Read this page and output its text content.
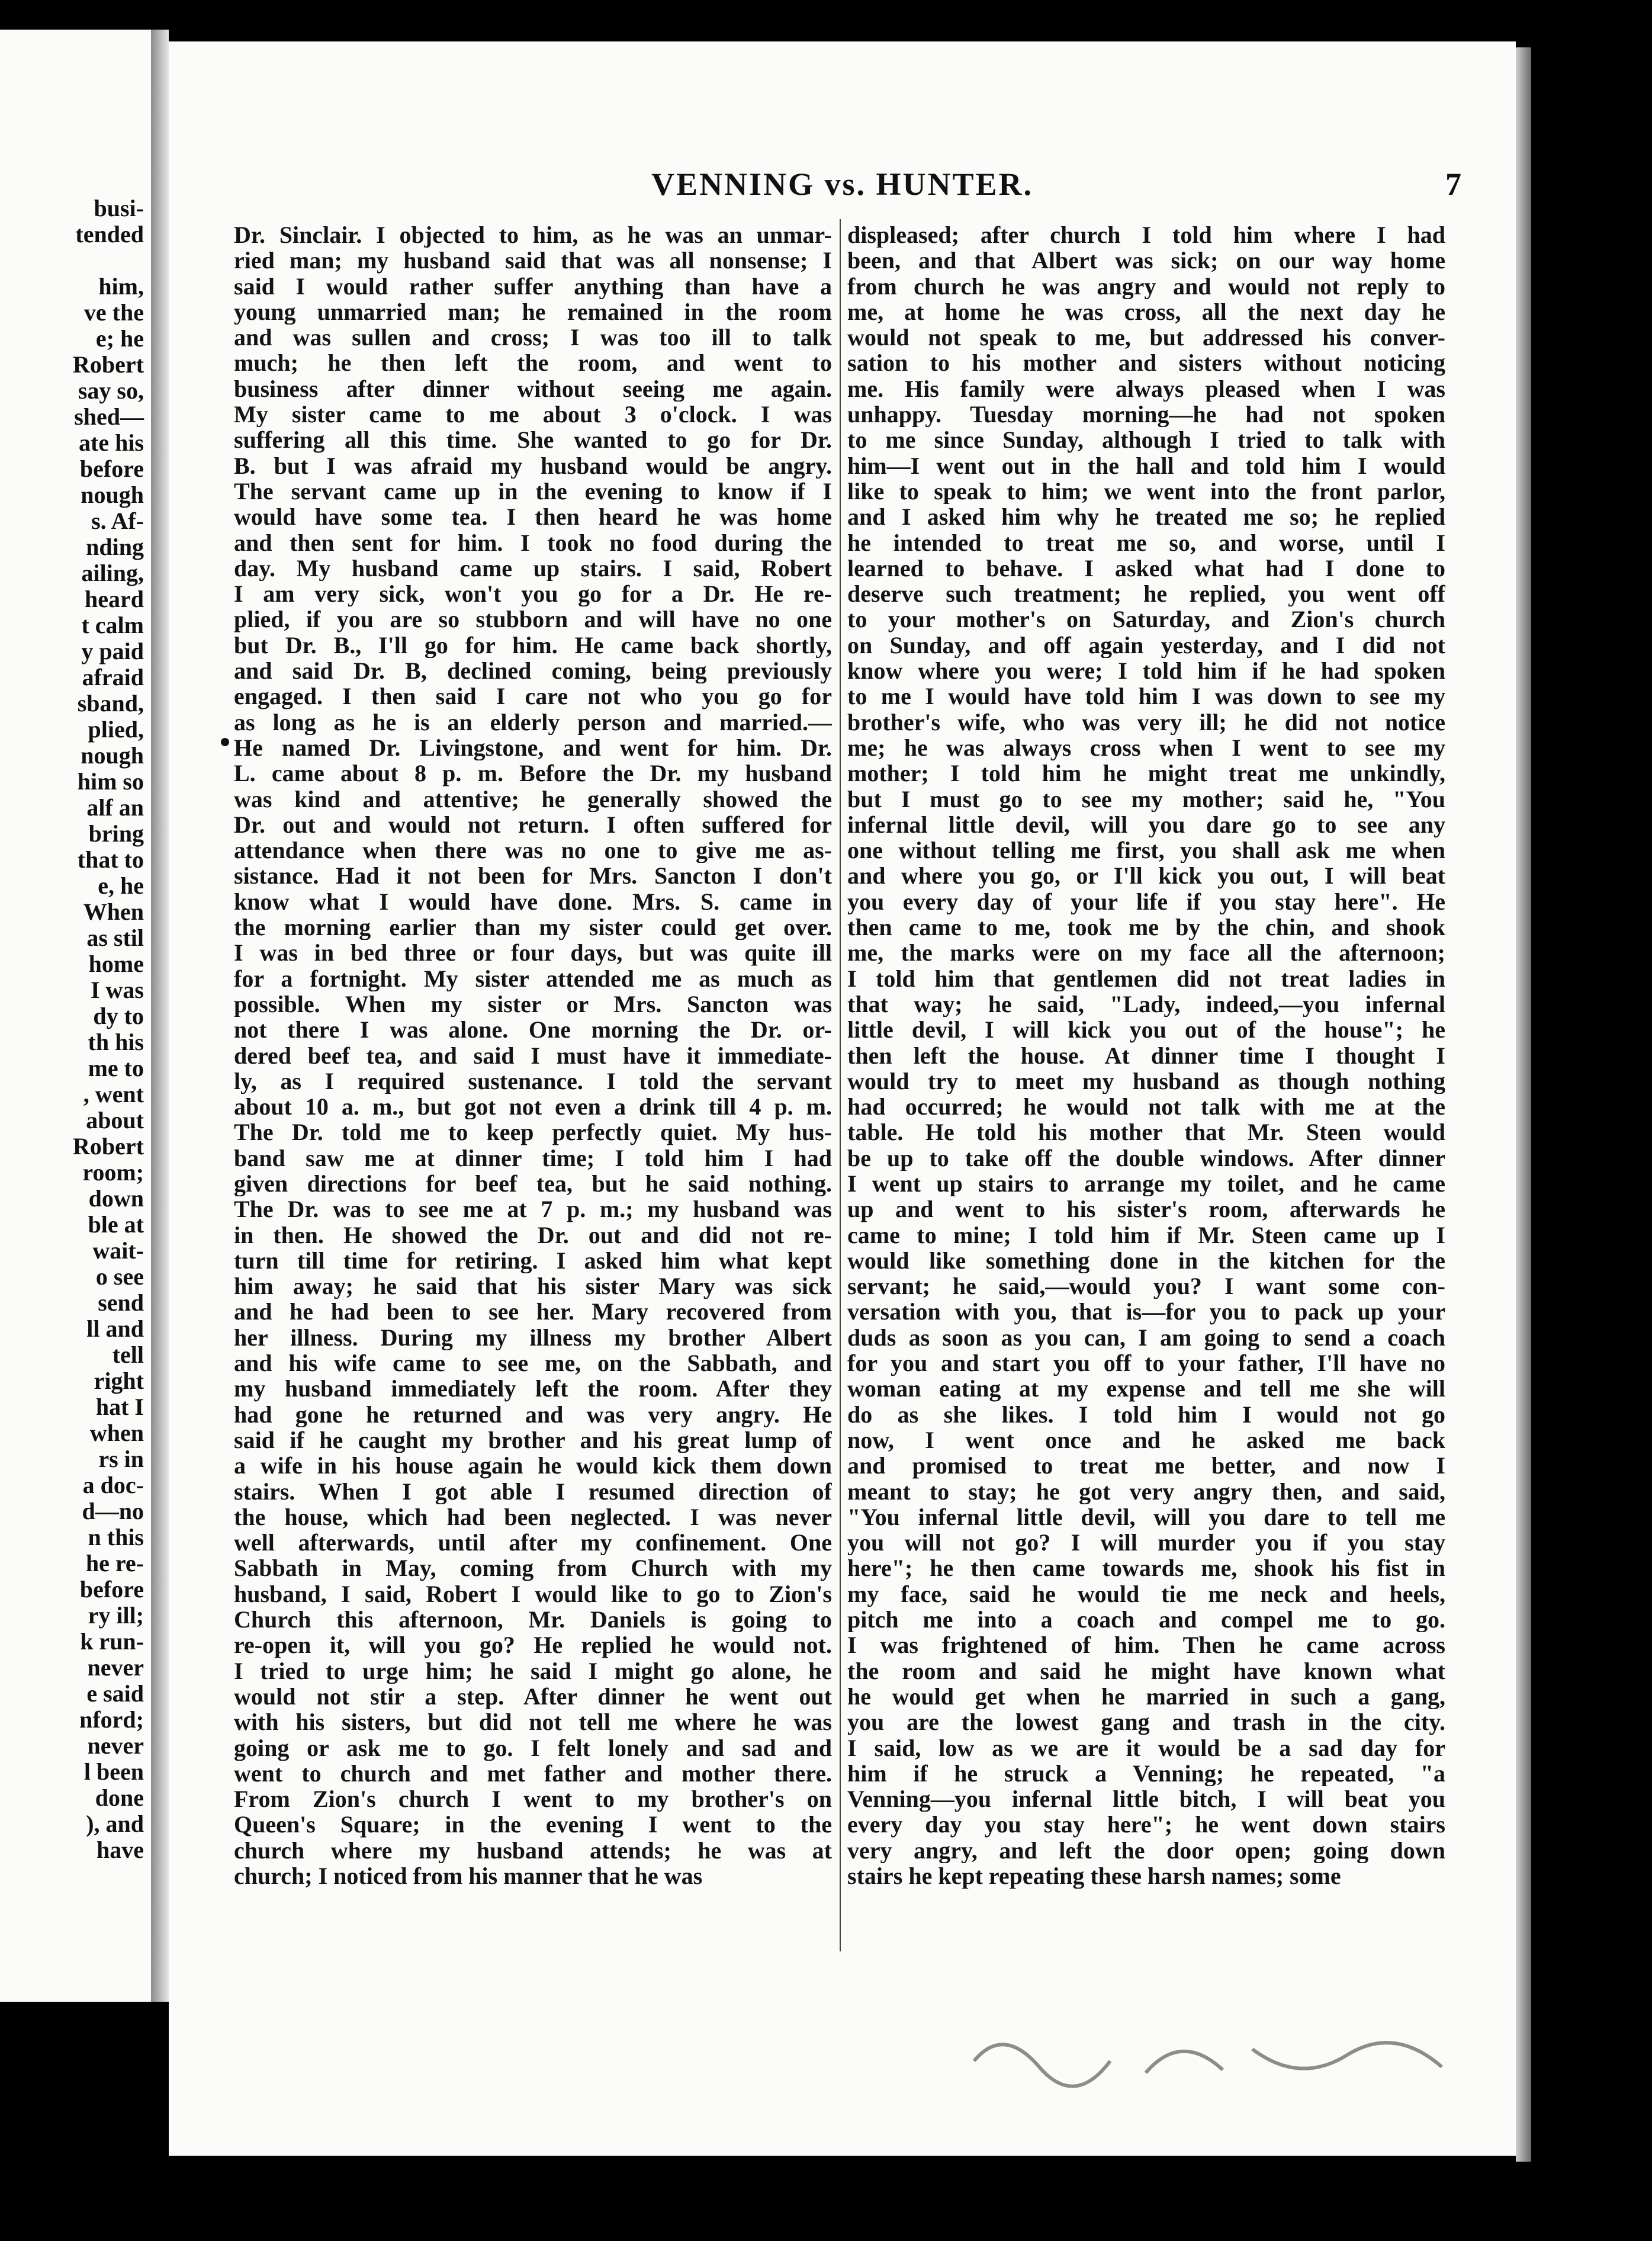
busi-
tended
him,
ve the
e; he
Robert
say so,
shed—
ate his
before
nough
s. Af-
nding
ailing,
heard
t calm
y paid
afraid
sband,
plied,
nough
him so
alf an
bring
that to
e, he
When
as stil
home
I was
dy to
th his
me to
, went
about
Robert
room;
down
ble at
wait-
o see
send
ll and
tell
right
hat I
when
rs in
a doc-
d—no
n this
he re-
before
ry ill;
k run-
never
e said
nford;
never
l been
done
), and
have
VENNING vs. HUNTER.	7
Dr. Sinclair. I objected to him, as he was an unmar-
ried man; my husband said that was all nonsense; I
said I would rather suffer anything than have a
young unmarried man; he remained in the room
and was sullen and cross; I was too ill to talk
much; he then left the room, and went to
business after dinner without seeing me again.
My sister came to me about 3 o'clock. I was
suffering all this time. She wanted to go for Dr.
B. but I was afraid my husband would be angry.
The servant came up in the evening to know if I
would have some tea. I then heard he was home
and then sent for him. I took no food during the
day. My husband came up stairs. I said, Robert
I am very sick, won't you go for a Dr. He re-
plied, if you are so stubborn and will have no one
but Dr. B., I'll go for him. He came back shortly,
and said Dr. B, declined coming, being previously
engaged. I then said I care not who you go for
as long as he is an elderly person and married.—
He named Dr. Livingstone, and went for him. Dr.
L. came about 8 p. m. Before the Dr. my husband
was kind and attentive; he generally showed the
Dr. out and would not return. I often suffered for
attendance when there was no one to give me as-
sistance. Had it not been for Mrs. Sancton I don't
know what I would have done. Mrs. S. came in
the morning earlier than my sister could get over.
I was in bed three or four days, but was quite ill
for a fortnight. My sister attended me as much as
possible. When my sister or Mrs. Sancton was
not there I was alone. One morning the Dr. or-
dered beef tea, and said I must have it immediate-
ly, as I required sustenance. I told the servant
about 10 a. m., but got not even a drink till 4 p. m.
The Dr. told me to keep perfectly quiet. My hus-
band saw me at dinner time; I told him I had
given directions for beef tea, but he said nothing.
The Dr. was to see me at 7 p. m.; my husband was
in then. He showed the Dr. out and did not re-
turn till time for retiring. I asked him what kept
him away; he said that his sister Mary was sick
and he had been to see her. Mary recovered from
her illness. During my illness my brother Albert
and his wife came to see me, on the Sabbath, and
my husband immediately left the room. After they
had gone he returned and was very angry. He
said if he caught my brother and his great lump of
a wife in his house again he would kick them down
stairs. When I got able I resumed direction of
the house, which had been neglected. I was never
well afterwards, until after my confinement. One
Sabbath in May, coming from Church with my
husband, I said, Robert I would like to go to Zion's
Church this afternoon, Mr. Daniels is going to
re-open it, will you go? He replied he would not.
I tried to urge him; he said I might go alone, he
would not stir a step. After dinner he went out
with his sisters, but did not tell me where he was
going or ask me to go. I felt lonely and sad and
went to church and met father and mother there.
From Zion's church I went to my brother's on
Queen's Square; in the evening I went to the
church where my husband attends; he was at
church; I noticed from his manner that he was
displeased; after church I told him where I had
been, and that Albert was sick; on our way home
from church he was angry and would not reply to
me, at home he was cross, all the next day he
would not speak to me, but addressed his conver-
sation to his mother and sisters without noticing
me. His family were always pleased when I was
unhappy. Tuesday morning—he had not spoken
to me since Sunday, although I tried to talk with
him—I went out in the hall and told him I would
like to speak to him; we went into the front parlor,
and I asked him why he treated me so; he replied
he intended to treat me so, and worse, until I
learned to behave. I asked what had I done to
deserve such treatment; he replied, you went off
to your mother's on Saturday, and Zion's church
on Sunday, and off again yesterday, and I did not
know where you were; I told him if he had spoken
to me I would have told him I was down to see my
brother's wife, who was very ill; he did not notice
me; he was always cross when I went to see my
mother; I told him he might treat me unkindly,
but I must go to see my mother; said he, "You
infernal little devil, will you dare go to see any
one without telling me first, you shall ask me when
and where you go, or I'll kick you out, I will beat
you every day of your life if you stay here". He
then came to me, took me by the chin, and shook
me, the marks were on my face all the afternoon;
I told him that gentlemen did not treat ladies in
that way; he said, "Lady, indeed,—you infernal
little devil, I will kick you out of the house"; he
then left the house. At dinner time I thought I
would try to meet my husband as though nothing
had occurred; he would not talk with me at the
table. He told his mother that Mr. Steen would
be up to take off the double windows. After dinner
I went up stairs to arrange my toilet, and he came
up and went to his sister's room, afterwards he
came to mine; I told him if Mr. Steen came up I
would like something done in the kitchen for the
servant; he said,—would you? I want some con-
versation with you, that is—for you to pack up your
duds as soon as you can, I am going to send a coach
for you and start you off to your father, I'll have no
woman eating at my expense and tell me she will
do as she likes. I told him I would not go
now, I went once and he asked me back
and promised to treat me better, and now I
meant to stay; he got very angry then, and said,
"You infernal little devil, will you dare to tell me
you will not go? I will murder you if you stay
here"; he then came towards me, shook his fist in
my face, said he would tie me neck and heels,
pitch me into a coach and compel me to go.
I was frightened of him. Then he came across
the room and said he might have known what
he would get when he married in such a gang,
you are the lowest gang and trash in the city.
I said, low as we are it would be a sad day for
him if he struck a Venning; he repeated, "a
Venning—you infernal little bitch, I will beat you
every day you stay here"; he went down stairs
very angry, and left the door open; going down
stairs he kept repeating these harsh names; some
